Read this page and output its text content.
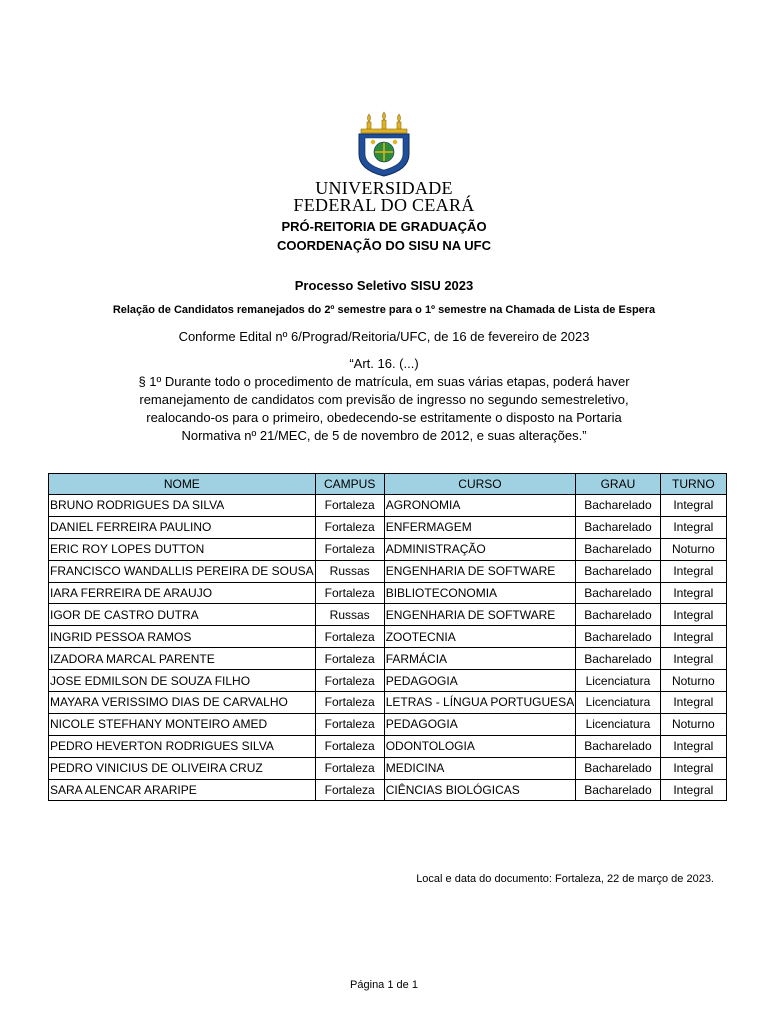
UNIVERSIDADE
FEDERAL DO CEARÁ
PRÓ-REITORIA DE GRADUAÇÃO
COORDENAÇÃO DO SISU NA UFC
Processo Seletivo SISU 2023
Relação de Candidatos remanejados do 2º semestre para o 1º semestre na Chamada de Lista de Espera
Conforme Edital nº 6/Prograd/Reitoria/UFC, de 16 de fevereiro de 2023
“Art. 16. (...)
§ 1º Durante todo o procedimento de matrícula, em suas várias etapas, poderá haver remanejamento de candidatos com previsão de ingresso no segundo semestreletivo, realocando-os para o primeiro, obedecendo-se estritamente o disposto na Portaria Normativa nº 21/MEC, de 5 de novembro de 2012, e suas alterações.”
NOME	CAMPUS	CURSO	GRAU	TURNO
BRUNO RODRIGUES DA SILVA	Fortaleza	AGRONOMIA	Bacharelado	Integral
DANIEL FERREIRA PAULINO	Fortaleza	ENFERMAGEM	Bacharelado	Integral
ERIC ROY LOPES DUTTON	Fortaleza	ADMINISTRAÇÃO	Bacharelado	Noturno
FRANCISCO WANDALLIS PEREIRA DE SOUSA	Russas	ENGENHARIA DE SOFTWARE	Bacharelado	Integral
IARA FERREIRA DE ARAUJO	Fortaleza	BIBLIOTECONOMIA	Bacharelado	Integral
IGOR DE CASTRO DUTRA	Russas	ENGENHARIA DE SOFTWARE	Bacharelado	Integral
INGRID PESSOA RAMOS	Fortaleza	ZOOTECNIA	Bacharelado	Integral
IZADORA MARCAL PARENTE	Fortaleza	FARMÁCIA	Bacharelado	Integral
JOSE EDMILSON DE SOUZA FILHO	Fortaleza	PEDAGOGIA	Licenciatura	Noturno
MAYARA VERISSIMO DIAS DE CARVALHO	Fortaleza	LETRAS - LÍNGUA PORTUGUESA	Licenciatura	Integral
NICOLE STEFHANY MONTEIRO AMED	Fortaleza	PEDAGOGIA	Licenciatura	Noturno
PEDRO HEVERTON RODRIGUES SILVA	Fortaleza	ODONTOLOGIA	Bacharelado	Integral
PEDRO VINICIUS DE OLIVEIRA CRUZ	Fortaleza	MEDICINA	Bacharelado	Integral
SARA ALENCAR ARARIPE	Fortaleza	CIÊNCIAS BIOLÓGICAS	Bacharelado	Integral
Local e data do documento: Fortaleza, 22 de março de 2023.
Página 1 de 1
